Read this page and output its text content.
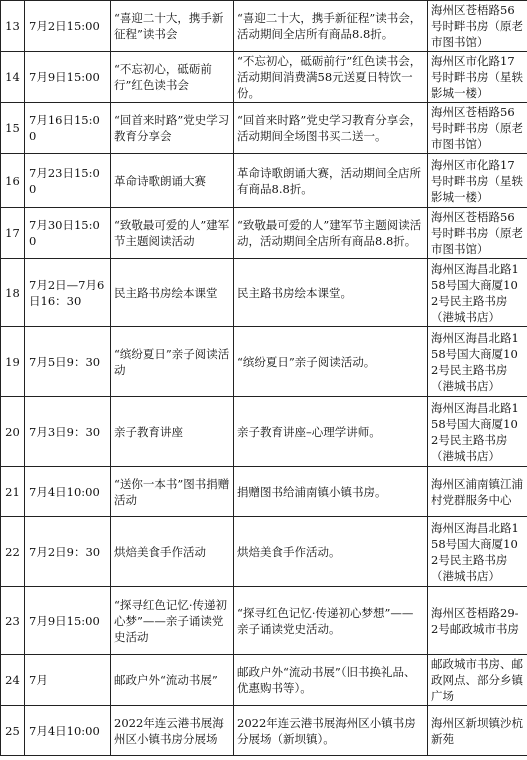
13	7月2日15:00	“喜迎二十大，携手新征程”读书会	“喜迎二十大，携手新征程”读书会，活动期间全店所有商品8.8折。	海州区苍梧路56号时畔书房（原老市图书馆）
14	7月9日15:00	“不忘初心，砥砺前行”红色读书会	“不忘初心，砥砺前行”红色读书会，活动期间消费满58元送夏日特饮一份。	海州区市化路17号时畔书房（星轶影城一楼）
15	7月16日15:00	“回首来时路”党史学习教育分享会	“回首来时路”党史学习教育分享会，活动期间全场图书买二送一。	海州区苍梧路56号时畔书房（原老市图书馆）
16	7月23日15:00	革命诗歌朗诵大赛	革命诗歌朗诵大赛，活动期间全店所有商品8.8折。	海州区市化路17号时畔书房（星轶影城一楼）
17	7月30日15:00	“致敬最可爱的人”建军节主题阅读活动	“致敬最可爱的人”建军节主题阅读活动，活动期间全店所有商品8.8折。	海州区苍梧路56号时畔书房（原老市图书馆）
18	7月2日—7月6日16：30	民主路书房绘本课堂	民主路书房绘本课堂。	海州区海昌北路158号国大商厦102号民主路书房（港城书店）
19	7月5日9：30	“缤纷夏日”亲子阅读活动	“缤纷夏日”亲子阅读活动。	海州区海昌北路158号国大商厦102号民主路书房（港城书店）
20	7月3日9：30	亲子教育讲座	亲子教育讲座–心理学讲师。	海州区海昌北路158号国大商厦102号民主路书房（港城书店）
21	7月4日10:00	“送你一本书”图书捐赠活动	捐赠图书给浦南镇小镇书房。	海州区浦南镇江浦村党群服务中心
22	7月2日9：30	烘焙美食手作活动	烘焙美食手作活动。	海州区海昌北路158号国大商厦102号民主路书房（港城书店）
23	7月9日15:00	“探寻红色记忆·传递初心梦”——亲子诵读党史活动	“探寻红色记忆·传递初心梦想”——亲子诵读党史活动。	海州区苍梧路29-2号邮政城市书房
24	7月	邮政户外“流动书展”	邮政户外“流动书展”（旧书换礼品、优惠购书等）。	邮政城市书房、邮政网点、部分乡镇广场
25	7月4日10:00	2022年连云港书展海州区小镇书房分展场	2022年连云港书展海州区小镇书房分展场（新坝镇）。	海州区新坝镇沙杭新苑
